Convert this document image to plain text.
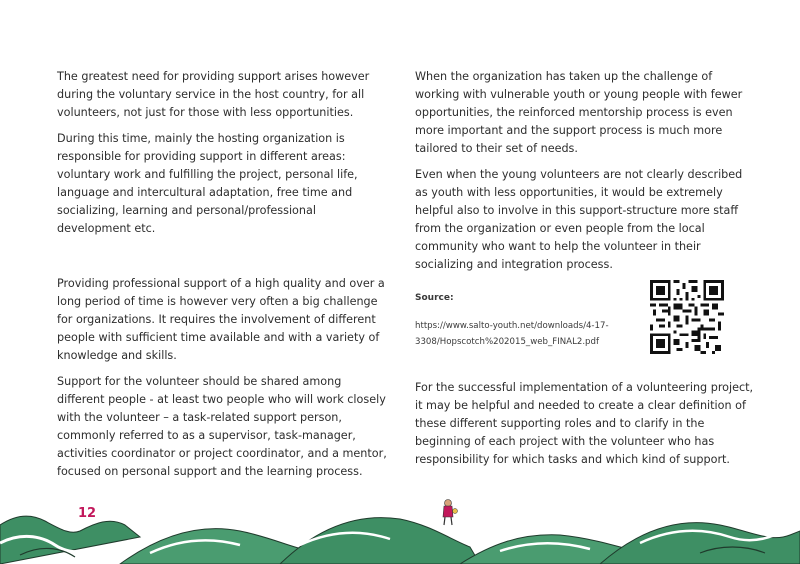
The greatest need for providing support arises however during the voluntary service in the host country, for all volunteers, not just for those with less opportunities.

During this time, mainly the hosting organization is responsible for providing support in different areas: voluntary work and fulfilling the project, personal life, language and intercultural adaptation, free time and socializing, learning and personal/professional development etc.

Providing professional support of a high quality and over a long period of time is however very often a big challenge for organizations. It requires the involvement of different people with sufficient time available and with a variety of knowledge and skills.

Support for the volunteer should be shared among different people - at least two people who will work closely with the volunteer – a task-related support person, commonly referred to as a supervisor, task-manager, activities coordinator or project coordinator, and a mentor, focused on personal support and the learning process.

When the organization has taken up the challenge of working with vulnerable youth or young people with fewer opportunities, the reinforced mentorship process is even more important and the support process is much more tailored to their set of needs.

Even when the young volunteers are not clearly described as youth with less opportunities, it would be extremely helpful also to involve in this support-structure more staff from the organization or even people from the local community who want to help the volunteer in their socializing and integration process.

Source:
https://www.salto-youth.net/downloads/4-17-3308/Hopscotch%202015_web_FINAL2.pdf

For the successful implementation of a volunteering project, it may be helpful and needed to create a clear definition of these different supporting roles and to clarify in the beginning of each project with the volunteer who has responsibility for which tasks and which kind of support.

12
